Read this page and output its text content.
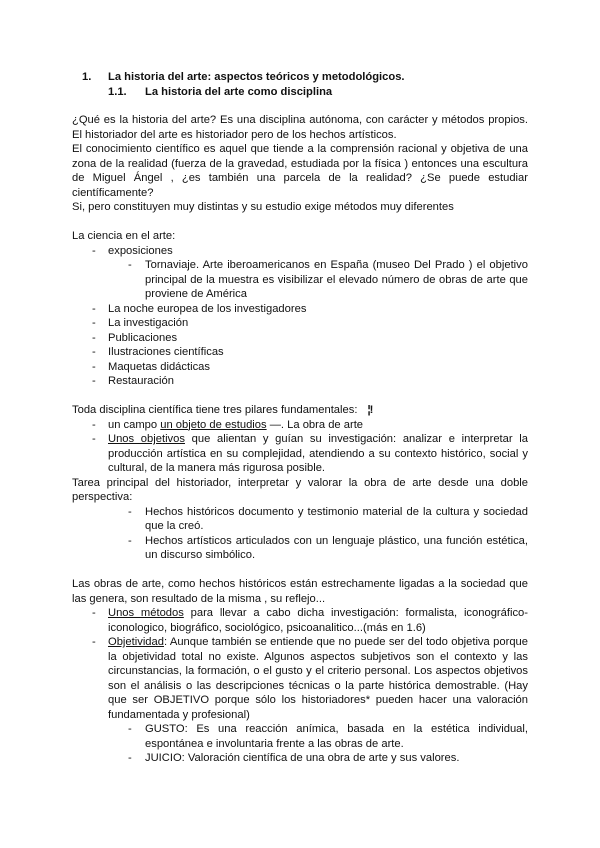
1.	La historia del arte: aspectos teóricos y metodológicos.
1.1.	La historia del arte como disciplina

¿Qué es la historia del arte? Es una disciplina autónoma, con carácter y métodos propios. El historiador del arte es historiador pero de los hechos artísticos.

El conocimiento científico es aquel que tiende a la comprensión racional y objetiva de una zona de la realidad (fuerza de la gravedad, estudiada por la física ) entonces una escultura de Miguel Ángel , ¿es también una parcela de la realidad? ¿Se puede estudiar científicamente?

Si, pero constituyen muy distintas y su estudio exige métodos muy diferentes

La ciencia en el arte:

-	exposiciones
-	Tornaviaje. Arte iberoamericanos en España (museo Del Prado ) el objetivo principal de la muestra es visibilizar el elevado número de obras de arte que proviene de América
-	La noche europea de los investigadores
-	La investigación
-	Publicaciones
-	Ilustraciones científicas
-	Maquetas didácticas
-	Restauración

Toda disciplina científica tiene tres pilares fundamentales: ¦!

-	un campo un objeto de estudios —. La obra de arte
-	Unos objetivos que alientan y guían su investigación: analizar e interpretar la producción artística en su complejidad, atendiendo a su contexto histórico, social y cultural, de la manera más rigurosa posible.

Tarea principal del historiador, interpretar y valorar la obra de arte desde una doble perspectiva:

-	Hechos históricos documento y testimonio material de la cultura y sociedad que la creó.
-	Hechos artísticos articulados con un lenguaje plástico, una función estética, un discurso simbólico.

Las obras de arte, como hechos históricos están estrechamente ligadas a la sociedad que las genera, son resultado de la misma , su reflejo...

-	Unos métodos para llevar a cabo dicha investigación: formalista, iconográfico-iconologico, biográfico, sociológico, psicoanalitico...(más en 1.6)
-	Objetividad: Aunque también se entiende que no puede ser del todo objetiva porque la objetividad total no existe. Algunos aspectos subjetivos son el contexto y las circunstancias, la formación, o el gusto y el criterio personal. Los aspectos objetivos son el análisis o las descripciones técnicas o la parte histórica demostrable. (Hay que ser OBJETIVO porque sólo los historiadores* pueden hacer una valoración fundamentada y profesional)
-	GUSTO: Es una reacción anímica, basada en la estética individual, espontánea e involuntaria frente a las obras de arte.
-	JUICIO: Valoración científica de una obra de arte y sus valores.
